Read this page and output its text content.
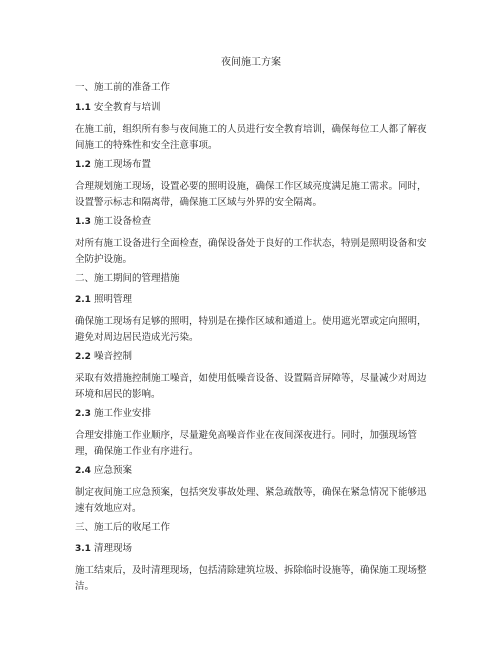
夜间施工方案
一、施工前的准备工作
1.1 安全教育与培训
在施工前，组织所有参与夜间施工的人员进行安全教育培训，确保每位工人都了解夜间施工的特殊性和安全注意事项。
1.2 施工现场布置
合理规划施工现场，设置必要的照明设施，确保工作区域亮度满足施工需求。同时，设置警示标志和隔离带，确保施工区域与外界的安全隔离。
1.3 施工设备检查
对所有施工设备进行全面检查，确保设备处于良好的工作状态，特别是照明设备和安全防护设施。
二、施工期间的管理措施
2.1 照明管理
确保施工现场有足够的照明，特别是在操作区域和通道上。使用遮光罩或定向照明，避免对周边居民造成光污染。
2.2 噪音控制
采取有效措施控制施工噪音，如使用低噪音设备、设置隔音屏障等，尽量减少对周边环境和居民的影响。
2.3 施工作业安排
合理安排施工作业顺序，尽量避免高噪音作业在夜间深夜进行。同时，加强现场管理，确保施工作业有序进行。
2.4 应急预案
制定夜间施工应急预案，包括突发事故处理、紧急疏散等，确保在紧急情况下能够迅速有效地应对。
三、施工后的收尾工作
3.1 清理现场
施工结束后，及时清理现场，包括清除建筑垃圾、拆除临时设施等，确保施工现场整洁。
